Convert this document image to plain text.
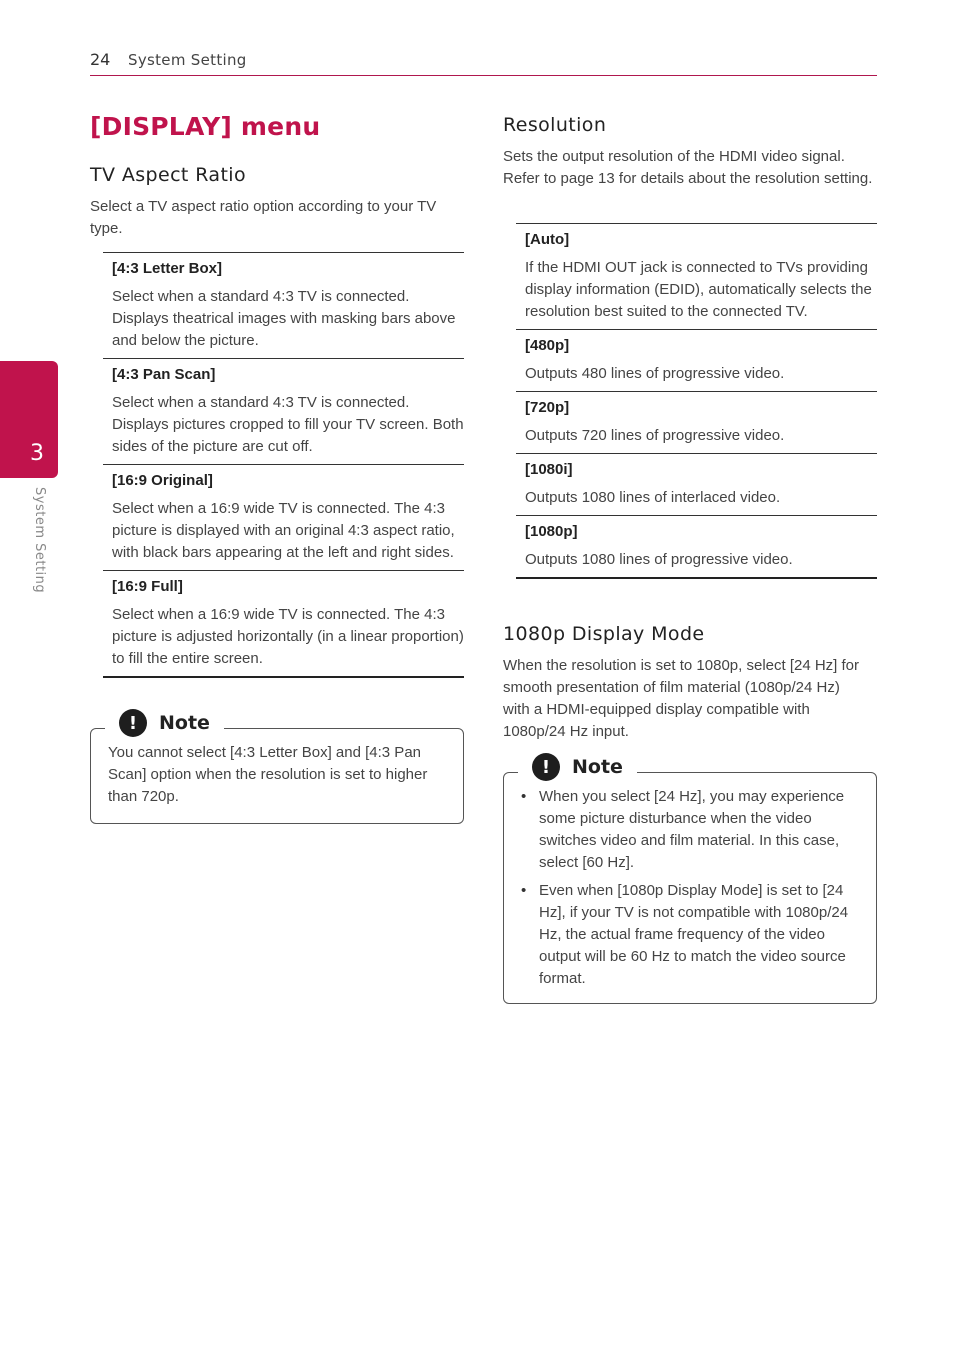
24 System Setting
3
System Setting
[DISPLAY] menu
TV Aspect Ratio

Select a TV aspect ratio option according to your TV type.

[4:3 Letter Box]
Select when a standard 4:3 TV is connected. Displays theatrical images with masking bars above and below the picture.
[4:3 Pan Scan]
Select when a standard 4:3 TV is connected. Displays pictures cropped to fill your TV screen. Both sides of the picture are cut off.
[16:9 Original]
Select when a 16:9 wide TV is connected. The 4:3 picture is displayed with an original 4:3 aspect ratio, with black bars appearing at the left and right sides.
[16:9 Full]
Select when a 16:9 wide TV is connected. The 4:3 picture is adjusted horizontally (in a linear proportion) to fill the entire screen.
!	Note

You cannot select [4:3 Letter Box] and [4:3 Pan Scan] option when the resolution is set to higher than 720p.

Resolution

Sets the output resolution of the HDMI video signal. Refer to page 13 for details about the resolution setting.

[Auto]
If the HDMI OUT jack is connected to TVs providing display information (EDID), automatically selects the resolution best suited to the connected TV.
[480p]
Outputs 480 lines of progressive video.
[720p]
Outputs 720 lines of progressive video.
[1080i]
Outputs 1080 lines of interlaced video.
[1080p]
Outputs 1080 lines of progressive video.
1080p Display Mode

When the resolution is set to 1080p, select [24 Hz] for smooth presentation of film material (1080p/24 Hz) with a HDMI-equipped display compatible with 1080p/24 Hz input.

!	Note
• When you select [24 Hz], you may experience some picture disturbance when the video switches video and film material. In this case, select [60 Hz].
• Even when [1080p Display Mode] is set to [24 Hz], if your TV is not compatible with 1080p/24 Hz, the actual frame frequency of the video output will be 60 Hz to match the video source format.
